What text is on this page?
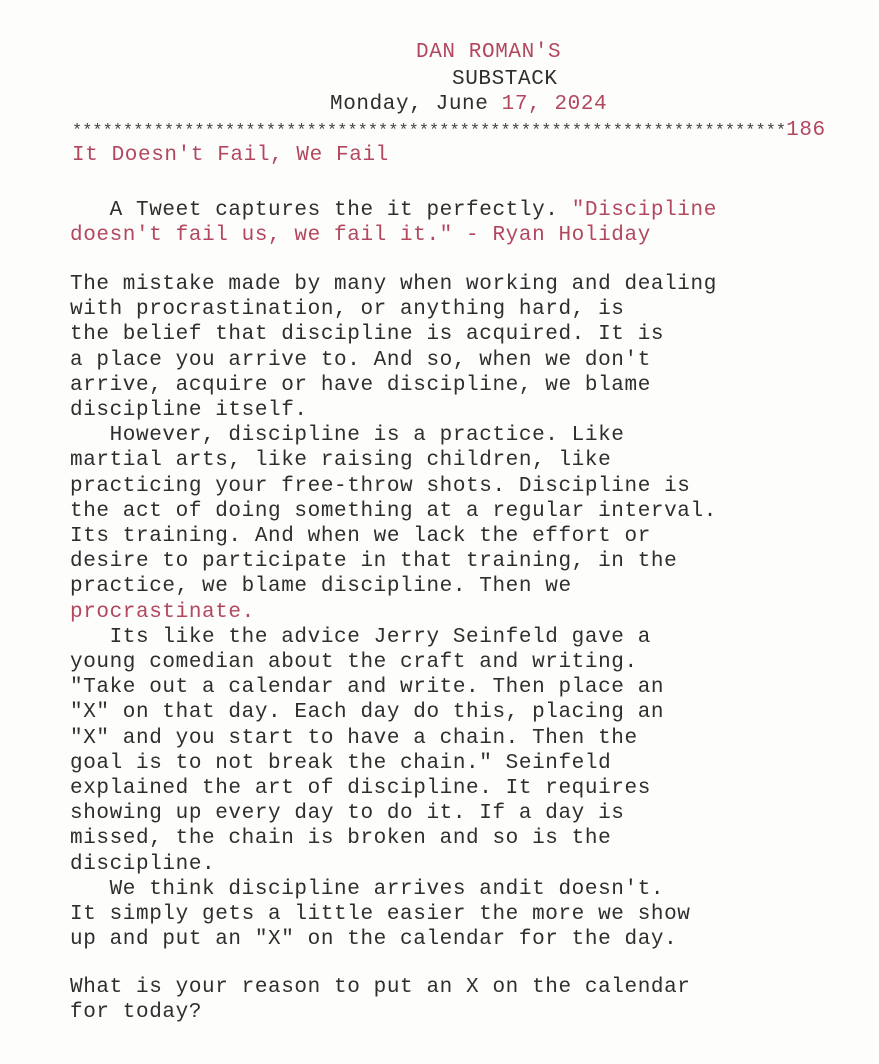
DAN ROMAN'S
SUBSTACK
Monday, June 17, 2024
**********************************************************************186
It Doesn't Fail, We Fail
A Tweet captures the it perfectly. "Discipline
doesn't fail us, we fail it." - Ryan Holiday
The mistake made by many when working and dealing
with procrastination, or anything hard, is
the belief that discipline is acquired. It is
a place you arrive to. And so, when we don't
arrive, acquire or have discipline, we blame
discipline itself.
However, discipline is a practice. Like
martial arts, like raising children, like
practicing your free-throw shots. Discipline is
the act of doing something at a regular interval.
Its training. And when we lack the effort or
desire to participate in that training, in the
practice, we blame discipline. Then we
procrastinate.
Its like the advice Jerry Seinfeld gave a
young comedian about the craft and writing.
"Take out a calendar and write. Then place an
"X" on that day. Each day do this, placing an
"X" and you start to have a chain. Then the
goal is to not break the chain." Seinfeld
explained the art of discipline. It requires
showing up every day to do it. If a day is
missed, the chain is broken and so is the
discipline.
We think discipline arrives andit doesn't.
It simply gets a little easier the more we show
up and put an "X" on the calendar for the day.
What is your reason to put an X on the calendar
for today?
